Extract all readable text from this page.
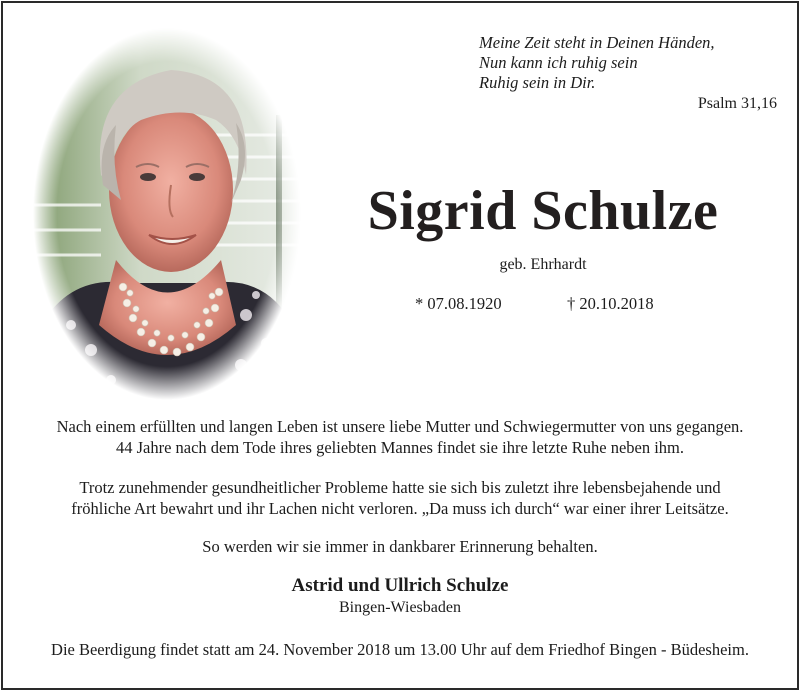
Meine Zeit steht in Deinen Händen,
Nun kann ich ruhig sein
Ruhig sein in Dir.
Psalm 31,16
Sigrid Schulze
geb. Ehrhardt
* 07.08.1920	† 20.10.2018
Nach einem erfüllten und langen Leben ist unsere liebe Mutter und Schwiegermutter von uns gegangen.
44 Jahre nach dem Tode ihres geliebten Mannes findet sie ihre letzte Ruhe neben ihm.
Trotz zunehmender gesundheitlicher Probleme hatte sie sich bis zuletzt ihre lebensbejahende und
fröhliche Art bewahrt und ihr Lachen nicht verloren. „Da muss ich durch“ war einer ihrer Leitsätze.
So werden wir sie immer in dankbarer Erinnerung behalten.
Astrid und Ullrich Schulze
Bingen-Wiesbaden
Die Beerdigung findet statt am 24. November 2018 um 13.00 Uhr auf dem Friedhof Bingen - Büdesheim.
